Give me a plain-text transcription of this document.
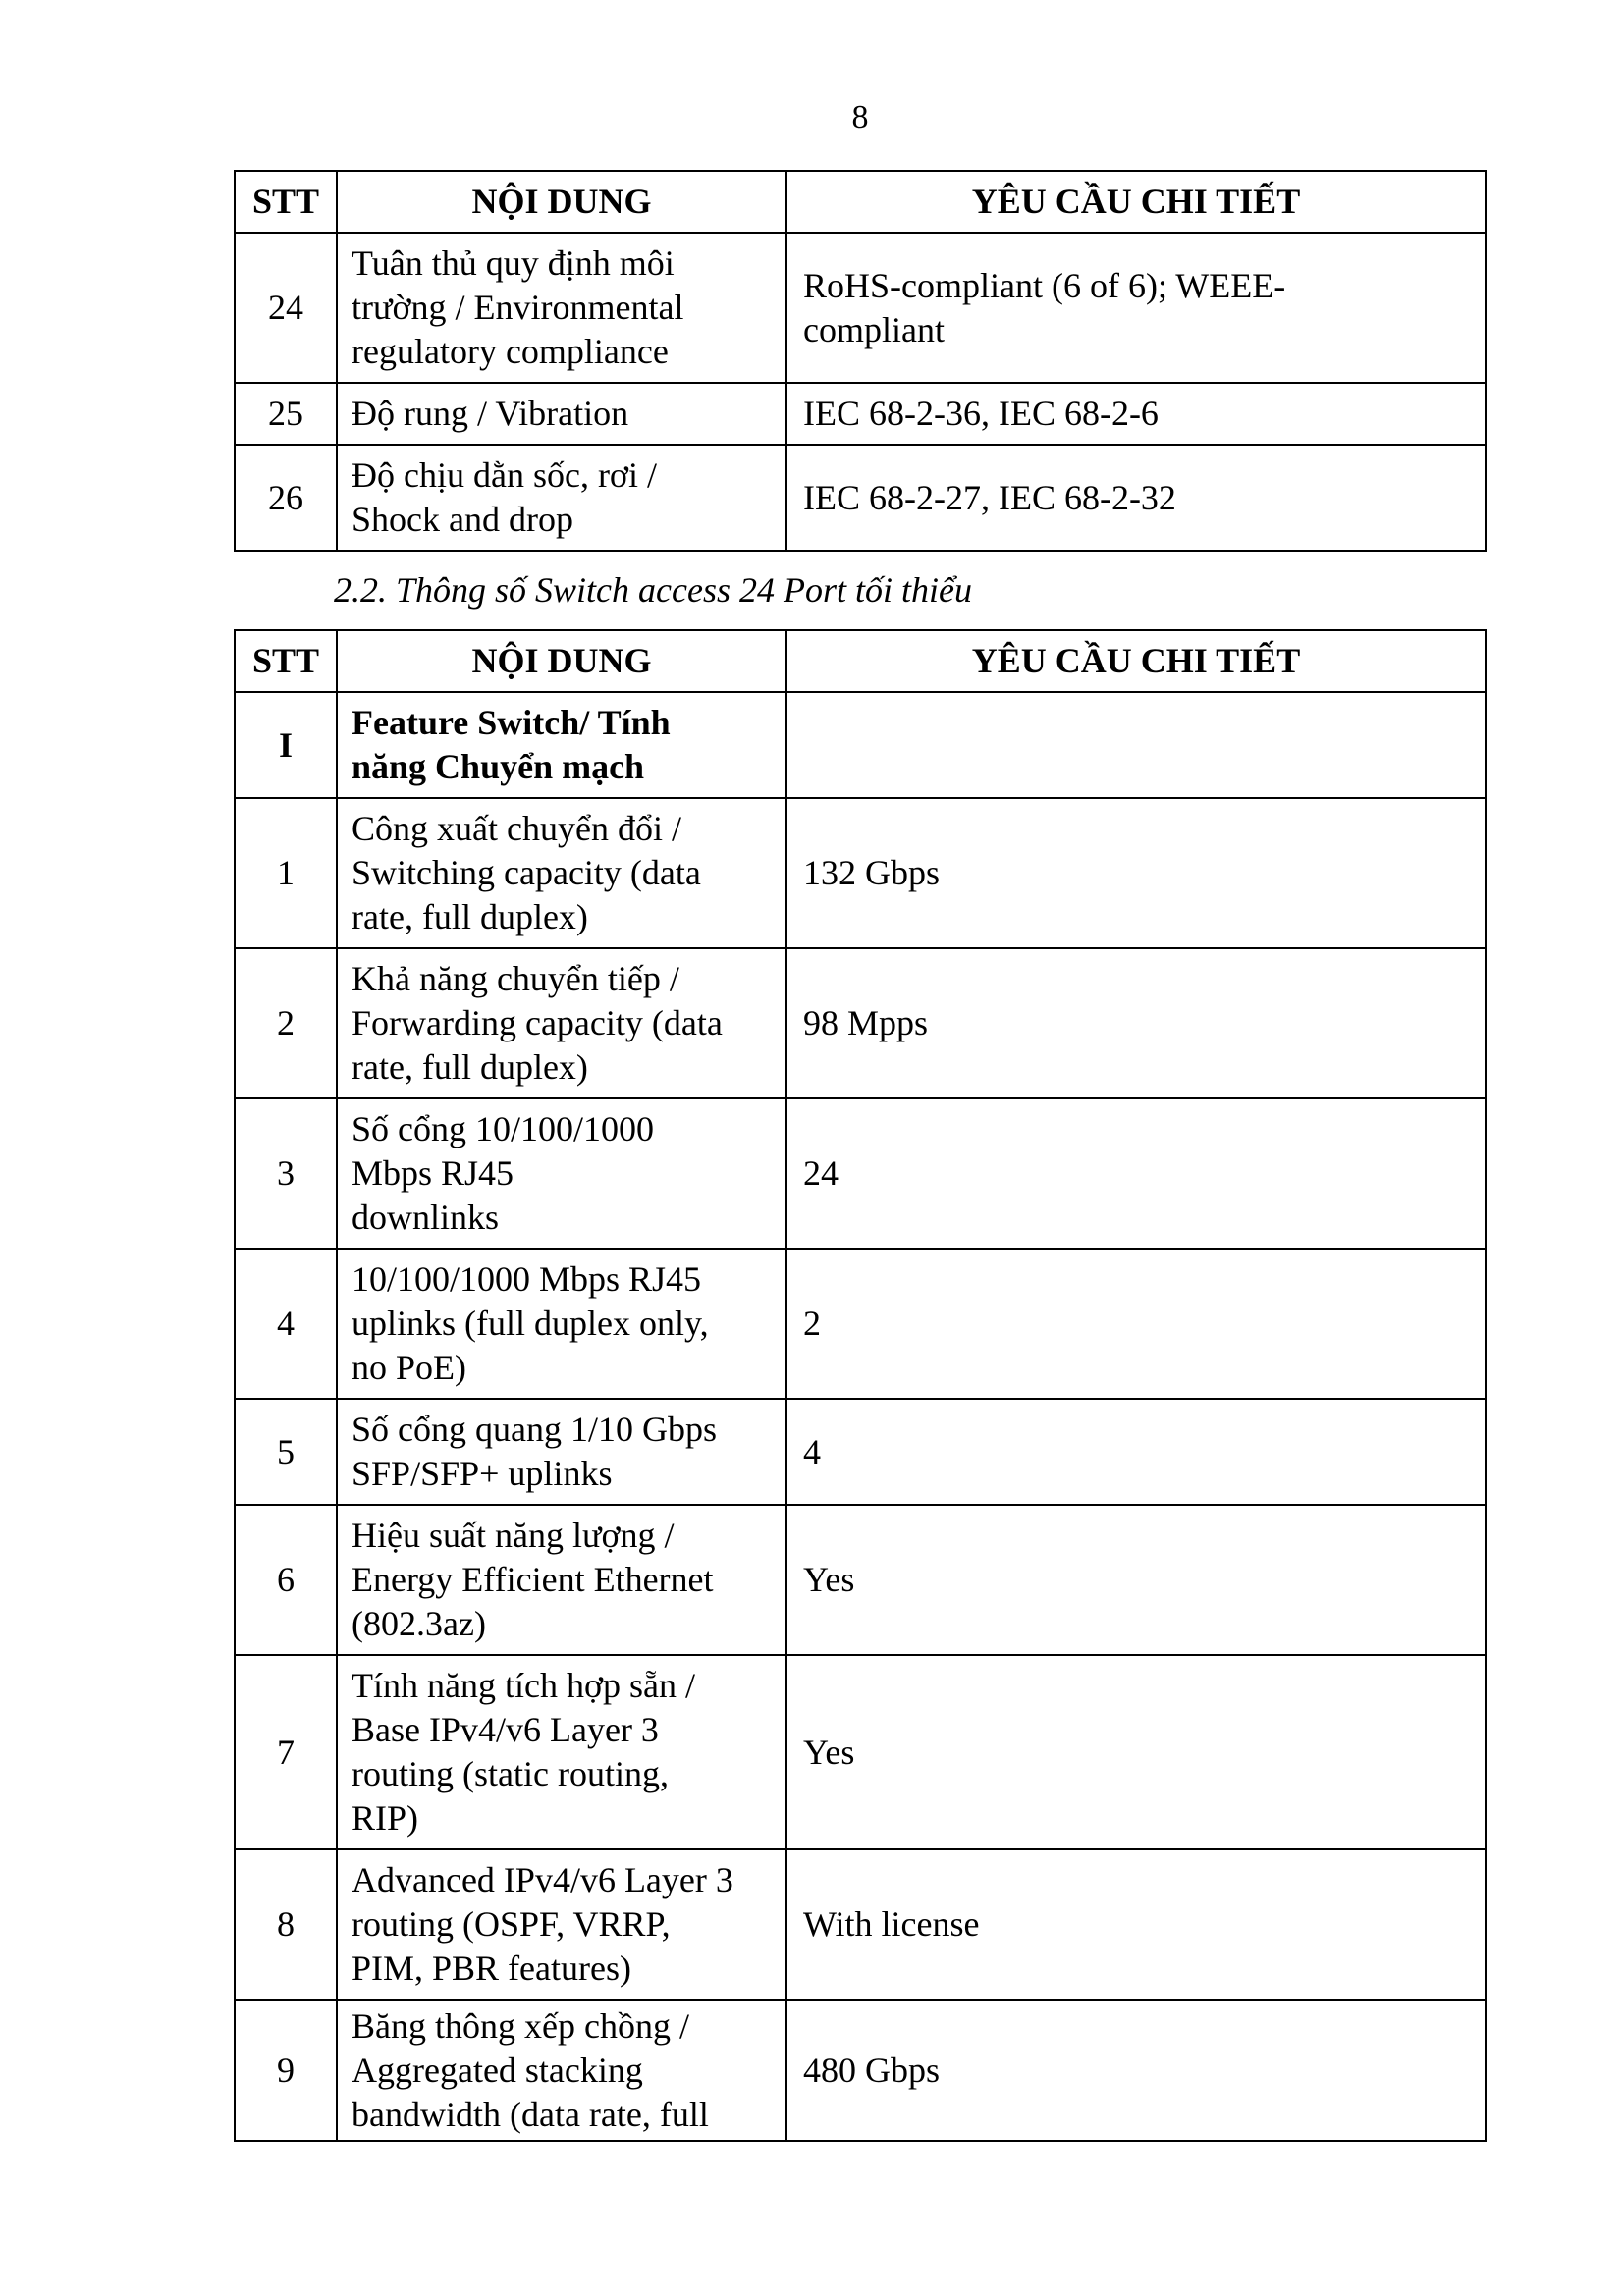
8
STT	NỘI DUNG	YÊU CẦU CHI TIẾT
24	Tuân thủ quy định môi
trường / Environmental
regulatory compliance	RoHS-compliant (6 of 6); WEEE-
compliant

25	Độ rung / Vibration	IEC 68-2-36, IEC 68-2-6

26	Độ chịu dằn sốc, rơi /
Shock and drop	IEC 68-2-27, IEC 68-2-32
2.2. Thông số Switch access 24 Port tối thiểu
STT	NỘI DUNG	YÊU CẦU CHI TIẾT
I	Feature Switch/ Tính
năng Chuyển mạch	

1	Công xuất chuyển đổi /
Switching capacity (data
rate, full duplex)	132 Gbps
2	Khả năng chuyển tiếp /
Forwarding capacity (data
rate, full duplex)	98 Mpps
3	Số cổng 10/100/1000
Mbps RJ45
downlinks	24
4	10/100/1000 Mbps RJ45
uplinks (full duplex only,
no PoE)	2
5	Số cổng quang 1/10 Gbps
SFP/SFP+ uplinks	4
6	Hiệu suất năng lượng /
Energy Efficient Ethernet
(802.3az)	Yes
7	Tính năng tích hợp sẵn /
Base IPv4/v6 Layer 3
routing (static routing,
RIP)	Yes
8	Advanced IPv4/v6 Layer 3
routing (OSPF, VRRP,
PIM, PBR features)	With license
9	Băng thông xếp chồng /
Aggregated stacking
bandwidth (data rate, full	480 Gbps
